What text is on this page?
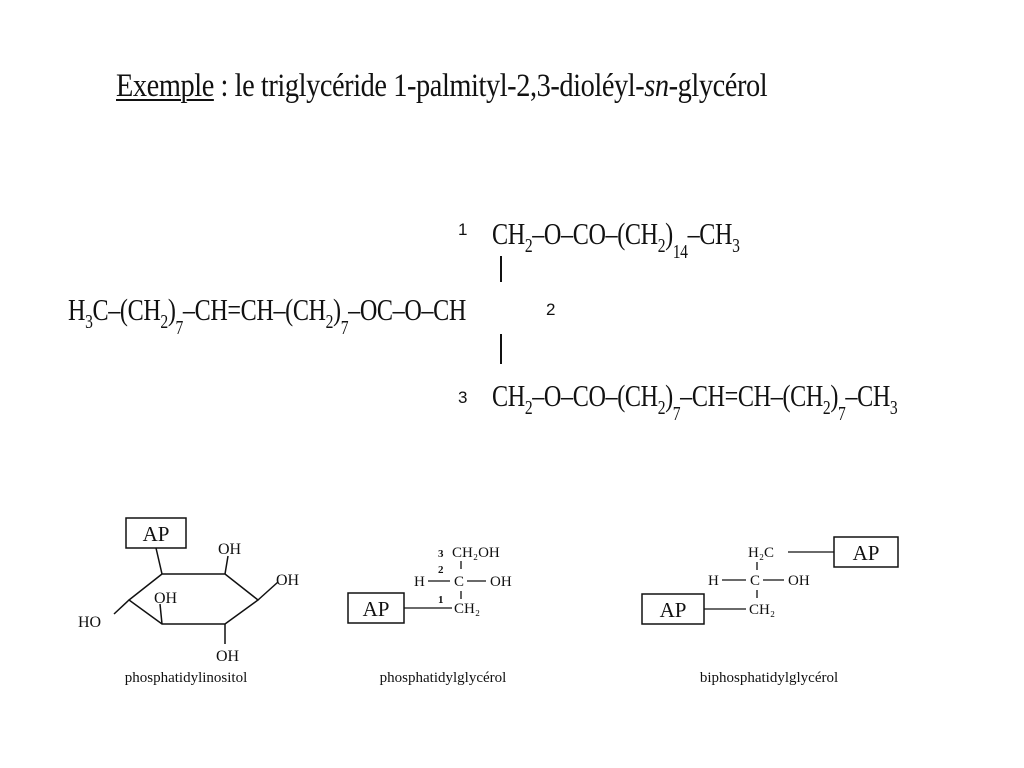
Exemple : le triglycéride 1-palmityl-2,3-dioléyl-sn-glycérol
1
2
3
$CH_2-O-CO-(CH_2)_{14}-CH_3$
$H_3C-(CH_2)_7-CH=CH-(CH_2)_7-OC-O-CH$
$CH_2-O-CO-(CH_2)_7-CH=CH-(CH_2)_7-CH_3$
AP
OH
OH
OH
HO
OH
phosphatidylinositol
3 CH₂OH
2
H C OH
1
AP	CH₂
phosphatidylglycérol
H₂C	AP
H C OH
AP	CH₂
biphosphatidylglycérol
